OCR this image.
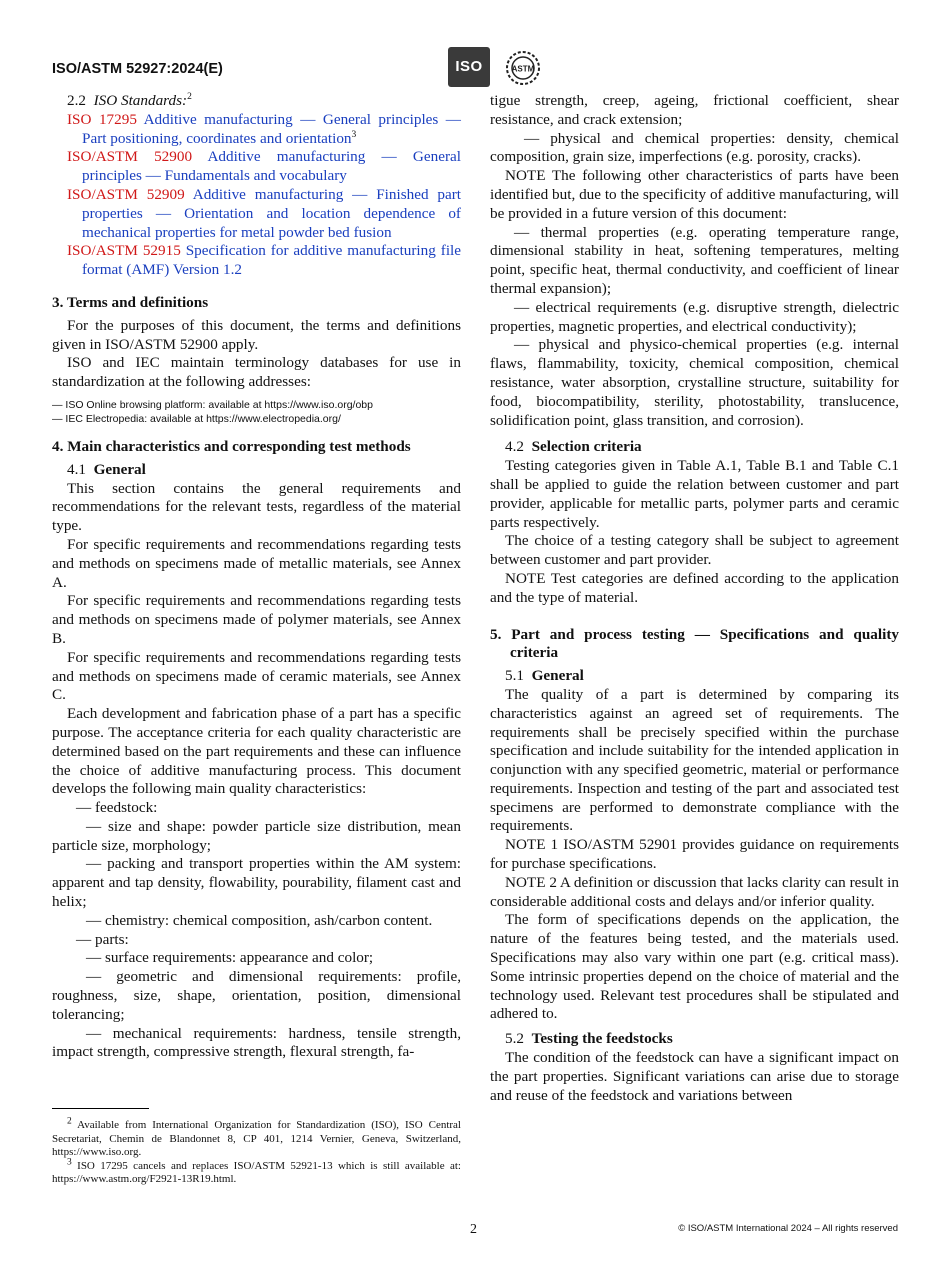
ISO/ASTM 52927:2024(E)	ISO	ASTM

2.2 ISO Standards:$^2$

ISO 17295 Additive manufacturing — General principles — Part positioning, coordinates and orientation$^3$

ISO/ASTM 52900 Additive manufacturing — General principles — Fundamentals and vocabulary

ISO/ASTM 52909 Additive manufacturing — Finished part properties — Orientation and location dependence of mechanical properties for metal powder bed fusion

ISO/ASTM 52915 Specification for additive manufacturing file format (AMF) Version 1.2

3. Terms and definitions

For the purposes of this document, the terms and definitions given in ISO/ASTM 52900 apply.

ISO and IEC maintain terminology databases for use in standardization at the following addresses:

— ISO Online browsing platform: available at https://www.iso.org/obp

— IEC Electropedia: available at https://www.electropedia.org/

4. Main characteristics and corresponding test methods

4.1 General

This section contains the general requirements and recommendations for the relevant tests, regardless of the material type.

For specific requirements and recommendations regarding tests and methods on specimens made of metallic materials, see Annex A.

For specific requirements and recommendations regarding tests and methods on specimens made of polymer materials, see Annex B.

For specific requirements and recommendations regarding tests and methods on specimens made of ceramic materials, see Annex C.

Each development and fabrication phase of a part has a specific purpose. The acceptance criteria for each quality characteristic are determined based on the part requirements and these can influence the choice of additive manufacturing process. This document develops the following main quality characteristics:

— feedstock:

— size and shape: powder particle size distribution, mean particle size, morphology;

— packing and transport properties within the AM system: apparent and tap density, flowability, pourability, filament cast and helix;

— chemistry: chemical composition, ash/carbon content.

— parts:

— surface requirements: appearance and color;

— geometric and dimensional requirements: profile, roughness, size, shape, orientation, position, dimensional tolerancing;

— mechanical requirements: hardness, tensile strength, impact strength, compressive strength, flexural strength, fa-

$^2$ Available from International Organization for Standardization (ISO), ISO Central Secretariat, Chemin de Blandonnet 8, CP 401, 1214 Vernier, Geneva, Switzerland, https://www.iso.org.

$^3$ ISO 17295 cancels and replaces ISO/ASTM 52921-13 which is still available at: https://www.astm.org/F2921-13R19.html.

tigue strength, creep, ageing, frictional coefficient, shear resistance, and crack extension;

— physical and chemical properties: density, chemical composition, grain size, imperfections (e.g. porosity, cracks).

NOTE The following other characteristics of parts have been identified but, due to the specificity of additive manufacturing, will be provided in a future version of this document:

— thermal properties (e.g. operating temperature range, dimensional stability in heat, softening temperatures, melting point, specific heat, thermal conductivity, and coefficient of linear thermal expansion);

— electrical requirements (e.g. disruptive strength, dielectric properties, magnetic properties, and electrical conductivity);

— physical and physico-chemical properties (e.g. internal flaws, flammability, toxicity, chemical composition, chemical resistance, water absorption, crystalline structure, suitability for food, biocompatibility, sterility, photostability, translucence, solidification point, glass transition, and corrosion).

4.2 Selection criteria

Testing categories given in Table A.1, Table B.1 and Table C.1 shall be applied to guide the relation between customer and part provider, applicable for metallic parts, polymer parts and ceramic parts respectively.

The choice of a testing category shall be subject to agreement between customer and part provider.

NOTE Test categories are defined according to the application and the type of material.

5. Part and process testing — Specifications and quality criteria

5.1 General

The quality of a part is determined by comparing its characteristics against an agreed set of requirements. The requirements shall be precisely specified within the purchase specification and include suitability for the intended application in conjunction with any specified geometric, material or performance requirements. Inspection and testing of the part and associated test specimens are performed to demonstrate compliance with the requirements.

NOTE 1 ISO/ASTM 52901 provides guidance on requirements for purchase specifications.

NOTE 2 A definition or discussion that lacks clarity can result in considerable additional costs and delays and/or inferior quality.

The form of specifications depends on the application, the nature of the features being tested, and the materials used. Specifications may also vary within one part (e.g. critical mass). Some intrinsic properties depend on the choice of material and the technology used. Relevant test procedures shall be stipulated and adhered to.

5.2 Testing the feedstocks

The condition of the feedstock can have a significant impact on the part properties. Significant variations can arise due to storage and reuse of the feedstock and variations between

2	© ISO/ASTM International 2024 – All rights reserved
